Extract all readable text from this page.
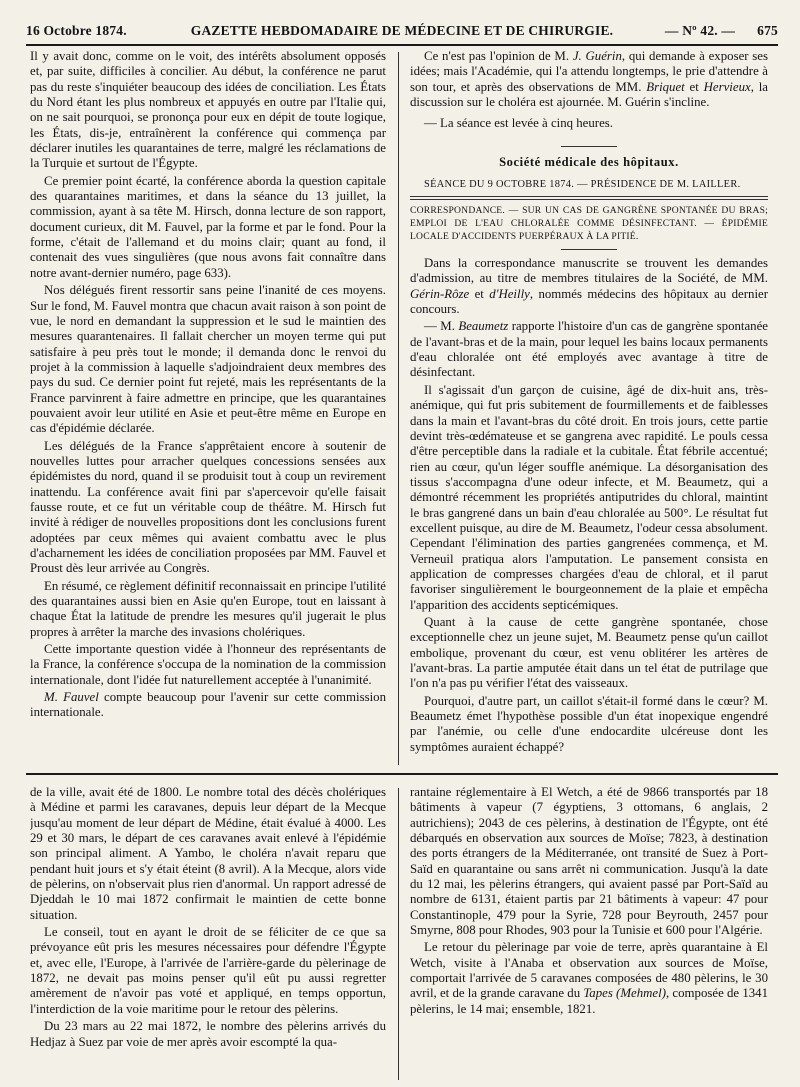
16 Octobre 1874.	GAZETTE HEBDOMADAIRE DE MÉDECINE ET DE CHIRURGIE.	— Nº 42. — 675

Il y avait donc, comme on le voit, des intérêts absolument opposés et, par suite, difficiles à concilier. Au début, la conférence ne parut pas du reste s'inquiéter beaucoup des idées de conciliation. Les États du Nord étant les plus nombreux et appuyés en outre par l'Italie qui, on ne sait pourquoi, se prononça pour eux en dépit de toute logique, les États, dis-je, entraînèrent la conférence qui commença par déclarer inutiles les quarantaines de terre, malgré les réclamations de la Turquie et surtout de l'Égypte.

Ce premier point écarté, la conférence aborda la question capitale des quarantaines maritimes, et dans la séance du 13 juillet, la commission, ayant à sa tête M. Hirsch, donna lecture de son rapport, document curieux, dit M. Fauvel, par la forme et par le fond. Pour la forme, c'était de l'allemand et du moins clair; quant au fond, il contenait des vues singulières (que nous avons fait connaître dans notre avant-dernier numéro, page 633).

Nos délégués firent ressortir sans peine l'inanité de ces moyens. Sur le fond, M. Fauvel montra que chacun avait raison à son point de vue, le nord en demandant la suppression et le sud le maintien des mesures quarantenaires. Il fallait chercher un moyen terme qui put satisfaire à peu près tout le monde; il demanda donc le renvoi du projet à la commission à laquelle s'adjoindraient deux membres des pays du sud. Ce dernier point fut rejeté, mais les représentants de la France parvinrent à faire admettre en principe, que les quarantaines pouvaient avoir leur utilité en Asie et peut-être même en Europe en cas d'épidémie déclarée.

Les délégués de la France s'apprêtaient encore à soutenir de nouvelles luttes pour arracher quelques concessions sensées aux épidémistes du nord, quand il se produisit tout à coup un revirement inattendu. La conférence avait fini par s'apercevoir qu'elle faisait fausse route, et ce fut un véritable coup de théâtre. M. Hirsch fut invité à rédiger de nouvelles propositions dont les conclusions furent adoptées par ceux mêmes qui avaient combattu avec le plus d'acharnement les idées de conciliation proposées par MM. Fauvel et Proust dès leur arrivée au Congrès.

En résumé, ce règlement définitif reconnaissait en principe l'utilité des quarantaines aussi bien en Asie qu'en Europe, tout en laissant à chaque État la latitude de prendre les mesures qu'il jugerait le plus propres à arrêter la marche des invasions cholériques.

Cette importante question vidée à l'honneur des représentants de la France, la conférence s'occupa de la nomination de la commission internationale, dont l'idée fut naturellement acceptée à l'unanimité.

M. Fauvel compte beaucoup pour l'avenir sur cette commission internationale.

Ce n'est pas l'opinion de M. J. Guérin, qui demande à exposer ses idées; mais l'Académie, qui l'a attendu longtemps, le prie d'attendre à son tour, et après des observations de MM. Briquet et Hervieux, la discussion sur le choléra est ajournée. M. Guérin s'incline.

— La séance est levée à cinq heures.

Société médicale des hôpitaux.
SÉANCE DU 9 OCTOBRE 1874. — PRÉSIDENCE DE M. LAILLER.
CORRESPONDANCE. — SUR UN CAS DE GANGRÈNE SPONTANÉE DU BRAS; EMPLOI DE L'EAU CHLORALÉE COMME DÉSINFECTANT. — ÉPIDÉMIE LOCALE D'ACCIDENTS PUERPÉRAUX À LA PITIÉ.

Dans la correspondance manuscrite se trouvent les demandes d'admission, au titre de membres titulaires de la Société, de MM. Gérin-Rôze et d'Heilly, nommés médecins des hôpitaux au dernier concours.

— M. Beaumetz rapporte l'histoire d'un cas de gangrène spontanée de l'avant-bras et de la main, pour lequel les bains locaux permanents d'eau chloralée ont été employés avec avantage à titre de désinfectant.

Il s'agissait d'un garçon de cuisine, âgé de dix-huit ans, très-anémique, qui fut pris subitement de fourmillements et de faiblesses dans la main et l'avant-bras du côté droit. En trois jours, cette partie devint très-œdémateuse et se gangrena avec rapidité. Le pouls cessa d'être perceptible dans la radiale et la cubitale. État fébrile accentué; rien au cœur, qu'un léger souffle anémique. La désorganisation des tissus s'accompagna d'une odeur infecte, et M. Beaumetz, qui a démontré récemment les propriétés antiputrides du chloral, maintint le bras gangrené dans un bain d'eau chloralée au 500°. Le résultat fut excellent puisque, au dire de M. Beaumetz, l'odeur cessa absolument. Cependant l'élimination des parties gangrenées commença, et M. Verneuil pratiqua alors l'amputation. Le pansement consista en application de compresses chargées d'eau de chloral, et il parut favoriser singulièrement le bourgeonnement de la plaie et empêcha l'apparition des accidents septicémiques.

Quant à la cause de cette gangrène spontanée, chose exceptionnelle chez un jeune sujet, M. Beaumetz pense qu'un caillot embolique, provenant du cœur, est venu oblitérer les artères de l'avant-bras. La partie amputée était dans un tel état de putrilage que l'on n'a pas pu vérifier l'état des vaisseaux.

Pourquoi, d'autre part, un caillot s'était-il formé dans le cœur? M. Beaumetz émet l'hypothèse possible d'un état inopexique engendré par l'anémie, ou celle d'une endocardite ulcéreuse dont les symptômes auraient échappé?

de la ville, avait été de 1800. Le nombre total des décès cholériques à Médine et parmi les caravanes, depuis leur départ de la Mecque jusqu'au moment de leur départ de Médine, était évalué à 4000. Les 29 et 30 mars, le départ de ces caravanes avait enlevé à l'épidémie son principal aliment. A Yambo, le choléra n'avait reparu que pendant huit jours et s'y était éteint (8 avril). A la Mecque, alors vide de pèlerins, on n'observait plus rien d'anormal. Un rapport adressé de Djeddah le 10 mai 1872 confirmait le maintien de cette bonne situation.

Le conseil, tout en ayant le droit de se féliciter de ce que sa prévoyance eût pris les mesures nécessaires pour défendre l'Égypte et, avec elle, l'Europe, à l'arrivée de l'arrière-garde du pèlerinage de 1872, ne devait pas moins penser qu'il eût pu aussi regretter amèrement de n'avoir pas voté et appliqué, en temps opportun, l'interdiction de la voie maritime pour le retour des pèlerins.

Du 23 mars au 22 mai 1872, le nombre des pèlerins arrivés du Hedjaz à Suez par voie de mer après avoir escompté la qua-

rantaine réglementaire à El Wetch, a été de 9866 transportés par 18 bâtiments à vapeur (7 égyptiens, 3 ottomans, 6 anglais, 2 autrichiens); 2043 de ces pèlerins, à destination de l'Égypte, ont été débarqués en observation aux sources de Moïse; 7823, à destination des ports étrangers de la Méditerranée, ont transité de Suez à Port-Saïd en quarantaine ou sans arrêt ni communication. Jusqu'à la date du 12 mai, les pèlerins étrangers, qui avaient passé par Port-Saïd au nombre de 6131, étaient partis par 21 bâtiments à vapeur: 47 pour Constantinople, 479 pour la Syrie, 728 pour Beyrouth, 2457 pour Smyrne, 808 pour Rhodes, 903 pour la Tunisie et 600 pour l'Algérie.

Le retour du pèlerinage par voie de terre, après quarantaine à El Wetch, visite à l'Anaba et observation aux sources de Moïse, comportait l'arrivée de 5 caravanes composées de 480 pèlerins, le 30 avril, et de la grande caravane du Tapes (Mehmel), composée de 1341 pèlerins, le 14 mai; ensemble, 1821.
